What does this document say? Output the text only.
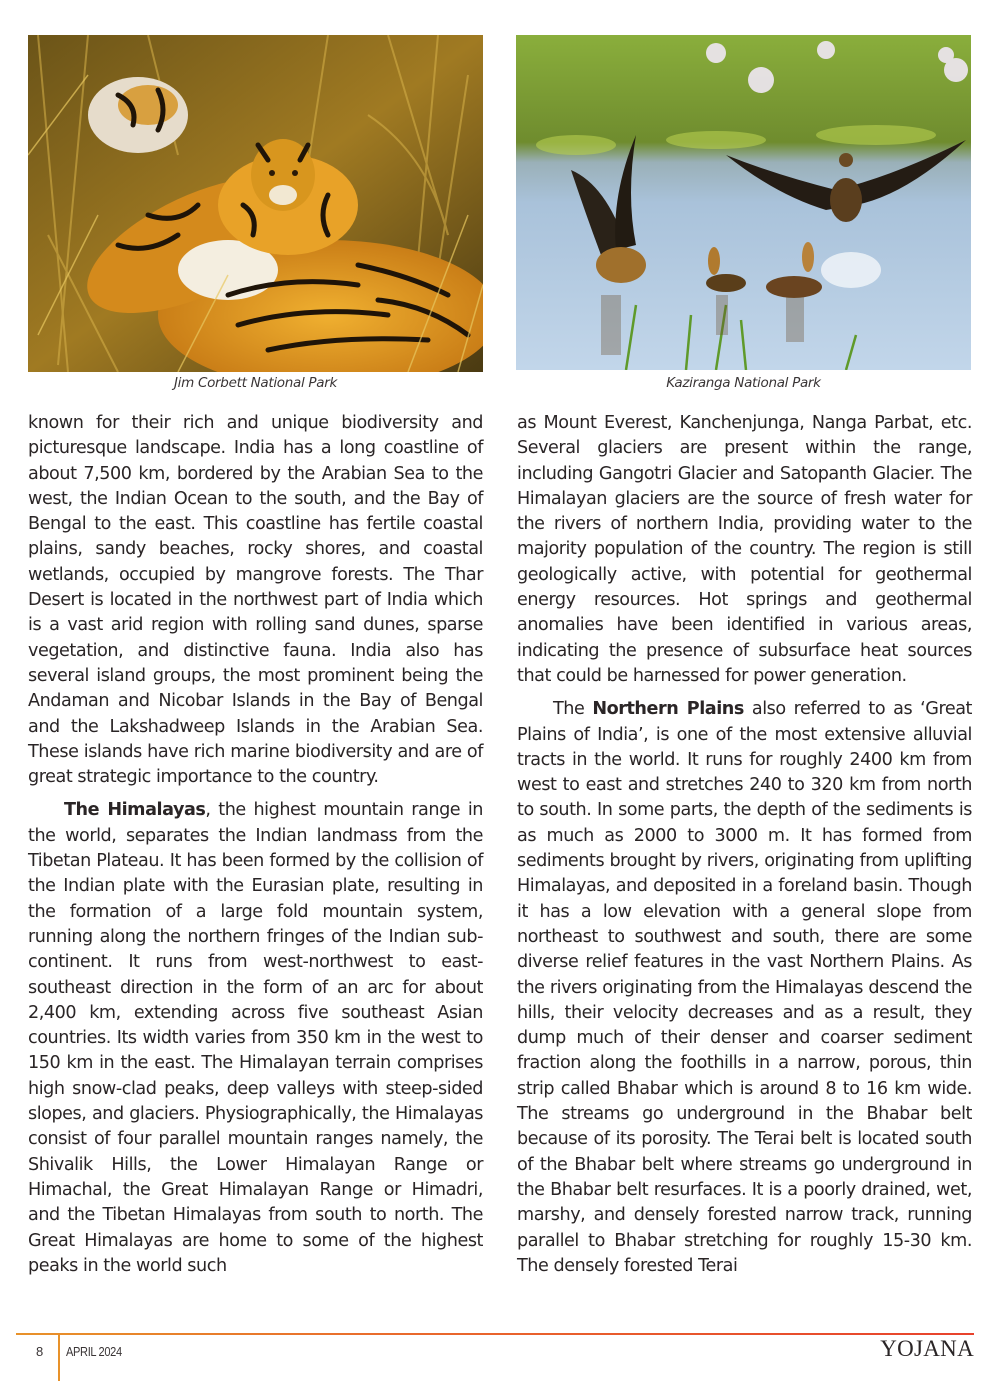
Jim Corbett National Park	Kaziranga National Park

known for their rich and unique biodiversity and picturesque landscape. India has a long coastline of about 7,500 km, bordered by the Arabian Sea to the west, the Indian Ocean to the south, and the Bay of Bengal to the east. This coastline has fertile coastal plains, sandy beaches, rocky shores, and coastal wetlands, occupied by mangrove forests. The Thar Desert is located in the northwest part of India which is a vast arid region with rolling sand dunes, sparse vegetation, and distinctive fauna. India also has several island groups, the most prominent being the Andaman and Nicobar Islands in the Bay of Bengal and the Lakshadweep Islands in the Arabian Sea. These islands have rich marine biodiversity and are of great strategic importance to the country.

The Himalayas, the highest mountain range in the world, separates the Indian landmass from the Tibetan Plateau. It has been formed by the collision of the Indian plate with the Eurasian plate, resulting in the formation of a large fold mountain system, running along the northern fringes of the Indian sub-continent. It runs from west-northwest to east-southeast direction in the form of an arc for about 2,400 km, extending across five southeast Asian countries. Its width varies from 350 km in the west to 150 km in the east. The Himalayan terrain comprises high snow-clad peaks, deep valleys with steep-sided slopes, and glaciers. Physiographically, the Himalayas consist of four parallel mountain ranges namely, the Shivalik Hills, the Lower Himalayan Range or Himachal, the Great Himalayan Range or Himadri, and the Tibetan Himalayas from south to north. The Great Himalayas are home to some of the highest peaks in the world such

as Mount Everest, Kanchenjunga, Nanga Parbat, etc. Several glaciers are present within the range, including Gangotri Glacier and Satopanth Glacier. The Himalayan glaciers are the source of fresh water for the rivers of northern India, providing water to the majority population of the country. The region is still geologically active, with potential for geothermal energy resources. Hot springs and geothermal anomalies have been identified in various areas, indicating the presence of subsurface heat sources that could be harnessed for power generation.

The Northern Plains also referred to as ‘Great Plains of India’, is one of the most extensive alluvial tracts in the world. It runs for roughly 2400 km from west to east and stretches 240 to 320 km from north to south. In some parts, the depth of the sediments is as much as 2000 to 3000 m. It has formed from sediments brought by rivers, originating from uplifting Himalayas, and deposited in a foreland basin. Though it has a low elevation with a general slope from northeast to southwest and south, there are some diverse relief features in the vast Northern Plains. As the rivers originating from the Himalayas descend the hills, their velocity decreases and as a result, they dump much of their denser and coarser sediment fraction along the foothills in a narrow, porous, thin strip called Bhabar which is around 8 to 16 km wide. The streams go underground in the Bhabar belt because of its porosity. The Terai belt is located south of the Bhabar belt where streams go underground in the Bhabar belt resurfaces. It is a poorly drained, wet, marshy, and densely forested narrow track, running parallel to Bhabar stretching for roughly 15-30 km. The densely forested Terai

8 APRIL 2024	YOJANA
